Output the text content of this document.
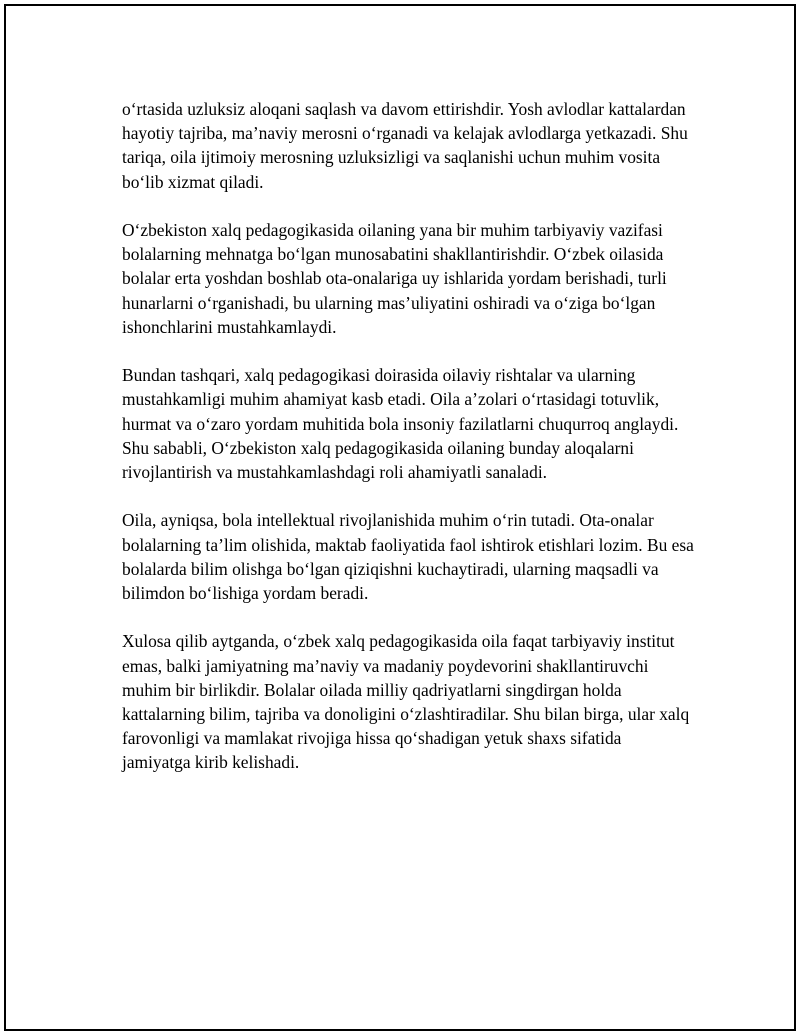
oʻrtasida uzluksiz aloqani saqlash va davom ettirishdir. Yosh avlodlar kattalardan hayotiy tajriba, maʼnaviy merosni oʻrganadi va kelajak avlodlarga yetkazadi. Shu tariqa, oila ijtimoiy merosning uzluksizligi va saqlanishi uchun muhim vosita boʻlib xizmat qiladi.

Oʻzbekiston xalq pedagogikasida oilaning yana bir muhim tarbiyaviy vazifasi bolalarning mehnatga boʻlgan munosabatini shakllantirishdir. Oʻzbek oilasida bolalar erta yoshdan boshlab ota-onalariga uy ishlarida yordam berishadi, turli hunarlarni oʻrganishadi, bu ularning masʼuliyatini oshiradi va oʻziga boʻlgan ishonchlarini mustahkamlaydi.

Bundan tashqari, xalq pedagogikasi doirasida oilaviy rishtalar va ularning mustahkamligi muhim ahamiyat kasb etadi. Oila aʼzolari oʻrtasidagi totuvlik, hurmat va oʻzaro yordam muhitida bola insoniy fazilatlarni chuqurroq anglaydi. Shu sababli, Oʻzbekiston xalq pedagogikasida oilaning bunday aloqalarni rivojlantirish va mustahkamlashdagi roli ahamiyatli sanaladi.

Oila, ayniqsa, bola intellektual rivojlanishida muhim oʻrin tutadi. Ota-onalar bolalarning taʼlim olishida, maktab faoliyatida faol ishtirok etishlari lozim. Bu esa bolalarda bilim olishga boʻlgan qiziqishni kuchaytiradi, ularning maqsadli va bilimdon boʻlishiga yordam beradi.

Xulosa qilib aytganda, oʻzbek xalq pedagogikasida oila faqat tarbiyaviy institut emas, balki jamiyatning maʼnaviy va madaniy poydevorini shakllantiruvchi muhim bir birlikdir. Bolalar oilada milliy qadriyatlarni singdirgan holda kattalarning bilim, tajriba va donoligini oʻzlashtiradilar. Shu bilan birga, ular xalq farovonligi va mamlakat rivojiga hissa qoʻshadigan yetuk shaxs sifatida jamiyatga kirib kelishadi.
